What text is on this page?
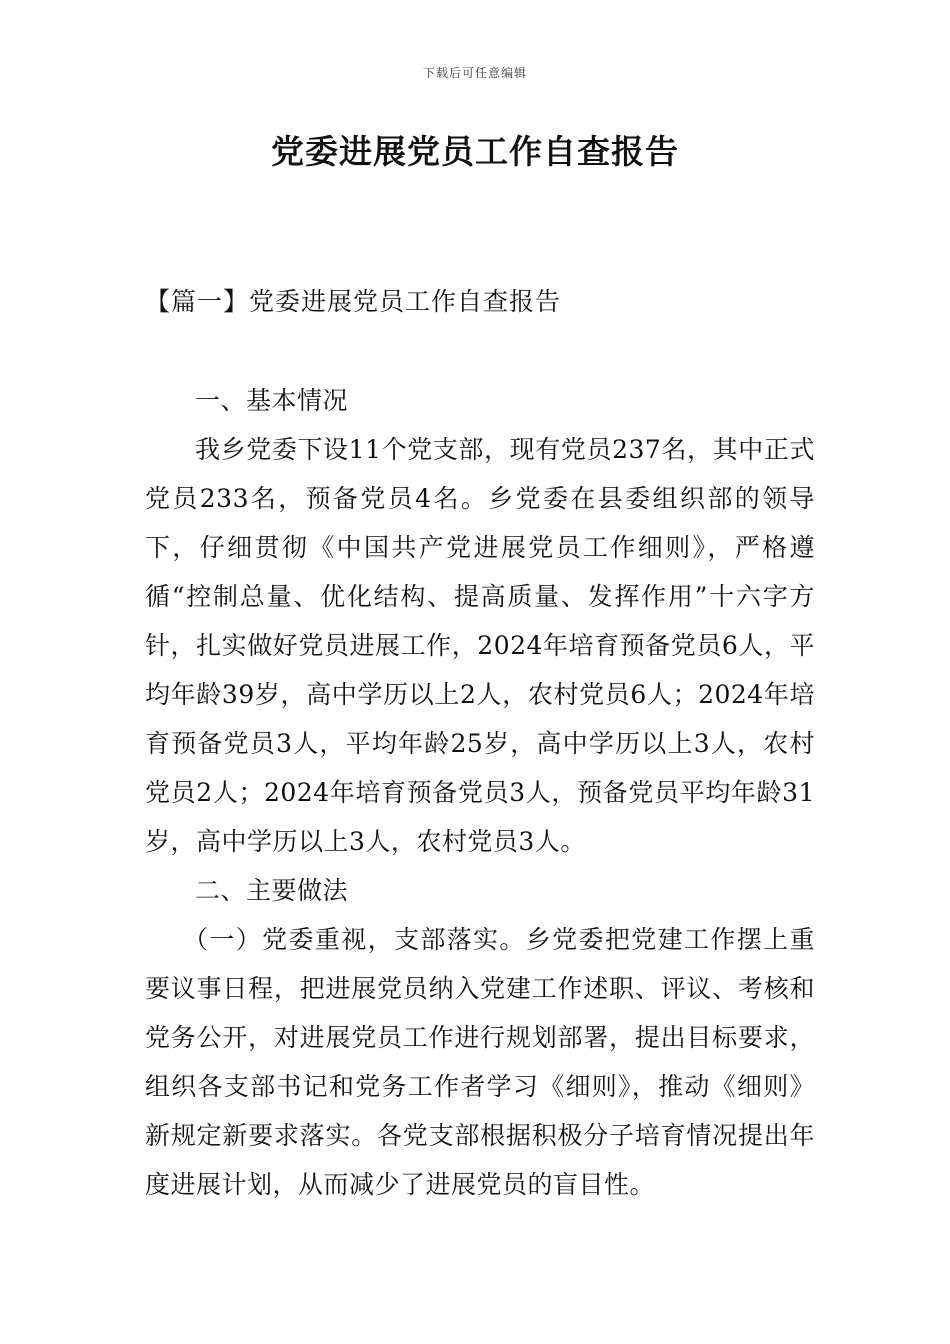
下载后可任意编辑
党委进展党员工作自查报告
【篇一】党委进展党员工作自查报告

一、基本情况

我乡党委下设11个党支部，现有党员237名，其中正式党员233名，预备党员4名。乡党委在县委组织部的领导下，仔细贯彻《中国共产党进展党员工作细则》，严格遵循“控制总量、优化结构、提高质量、发挥作用”十六字方针，扎实做好党员进展工作，2024年培育预备党员6人，平均年龄39岁，高中学历以上2人，农村党员6人；2024年培育预备党员3人，平均年龄25岁，高中学历以上3人，农村党员2人；2024年培育预备党员3人，预备党员平均年龄31岁，高中学历以上3人，农村党员3人。

二、主要做法

（一）党委重视，支部落实。乡党委把党建工作摆上重要议事日程，把进展党员纳入党建工作述职、评议、考核和党务公开，对进展党员工作进行规划部署，提出目标要求，组织各支部书记和党务工作者学习《细则》，推动《细则》新规定新要求落实。各党支部根据积极分子培育情况提出年度进展计划，从而减少了进展党员的盲目性。
